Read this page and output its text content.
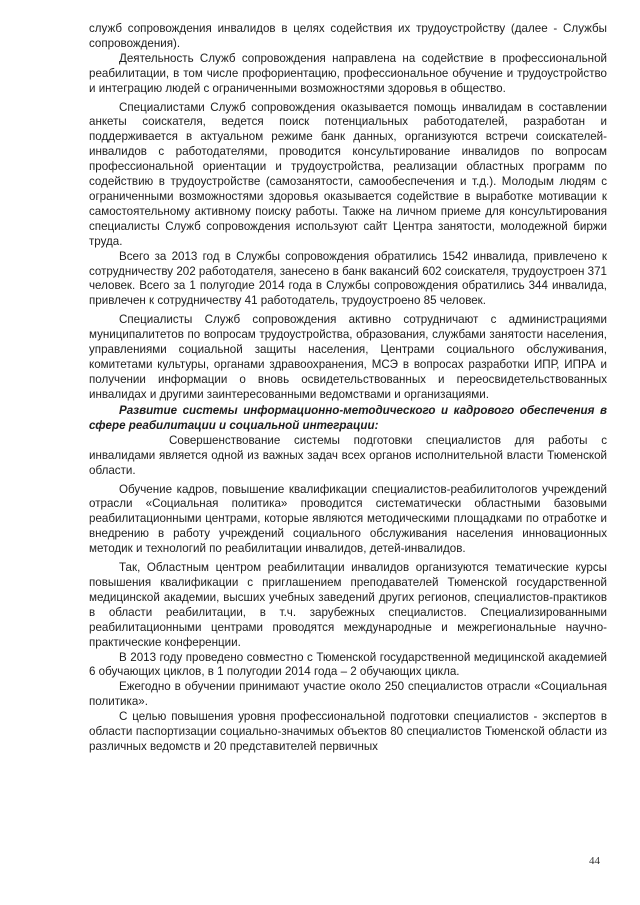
служб сопровождения инвалидов в целях содействия их трудоустройству (далее - Службы сопровождения).

Деятельность Служб сопровождения направлена на содействие в профессиональной реабилитации, в том числе профориентацию, профессиональное обучение и трудоустройство и интеграцию людей с ограниченными возможностями здоровья в общество.

Специалистами Служб сопровождения оказывается помощь инвалидам в составлении анкеты соискателя, ведется поиск потенциальных работодателей, разработан и поддерживается в актуальном режиме банк данных, организуются встречи соискателей-инвалидов с работодателями, проводится консультирование инвалидов по вопросам профессиональной ориентации и трудоустройства, реализации областных программ по содействию в трудоустройстве (самозанятости, самообеспечения и т.д.). Молодым людям с ограниченными возможностями здоровья оказывается содействие в выработке мотивации к самостоятельному активному поиску работы. Также на личном приеме для консультирования специалисты Служб сопровождения используют сайт Центра занятости, молодежной биржи труда.

Всего за 2013 год в Службы сопровождения обратились 1542 инвалида, привлечено к сотрудничеству 202 работодателя, занесено в банк вакансий 602 соискателя, трудоустроен 371 человек. Всего за 1 полугодие 2014 года в Службы сопровождения обратились 344 инвалида, привлечен к сотрудничеству 41 работодатель, трудоустроено 85 человек.

Специалисты Служб сопровождения активно сотрудничают с администрациями муниципалитетов по вопросам трудоустройства, образования, службами занятости населения, управлениями социальной защиты населения, Центрами социального обслуживания, комитетами культуры, органами здравоохранения, МСЭ в вопросах разработки ИПР, ИПРА и получении информации о вновь освидетельствованных и переосвидетельствованных инвалидах и другими заинтересованными ведомствами и организациями.

Развитие системы информационно-методического и кадрового обеспечения в сфере реабилитации и социальной интеграции:

Совершенствование системы подготовки специалистов для работы с инвалидами является одной из важных задач всех органов исполнительной власти Тюменской области.

Обучение кадров, повышение квалификации специалистов-реабилитологов учреждений отрасли «Социальная политика» проводится систематически областными базовыми реабилитационными центрами, которые являются методическими площадками по отработке и внедрению в работу учреждений социального обслуживания населения инновационных методик и технологий по реабилитации инвалидов, детей-инвалидов.

Так, Областным центром реабилитации инвалидов организуются тематические курсы повышения квалификации с приглашением преподавателей Тюменской государственной медицинской академии, высших учебных заведений других регионов, специалистов-практиков в области реабилитации, в т.ч. зарубежных специалистов. Специализированными реабилитационными центрами проводятся международные и межрегиональные научно-практические конференции.

В 2013 году проведено совместно с Тюменской государственной медицинской академией 6 обучающих циклов, в 1 полугодии 2014 года – 2 обучающих цикла.

Ежегодно в обучении принимают участие около 250 специалистов отрасли «Социальная политика».

С целью повышения уровня профессиональной подготовки специалистов - экспертов в области паспортизации социально-значимых объектов 80 специалистов Тюменской области из различных ведомств и 20 представителей первичных

44
